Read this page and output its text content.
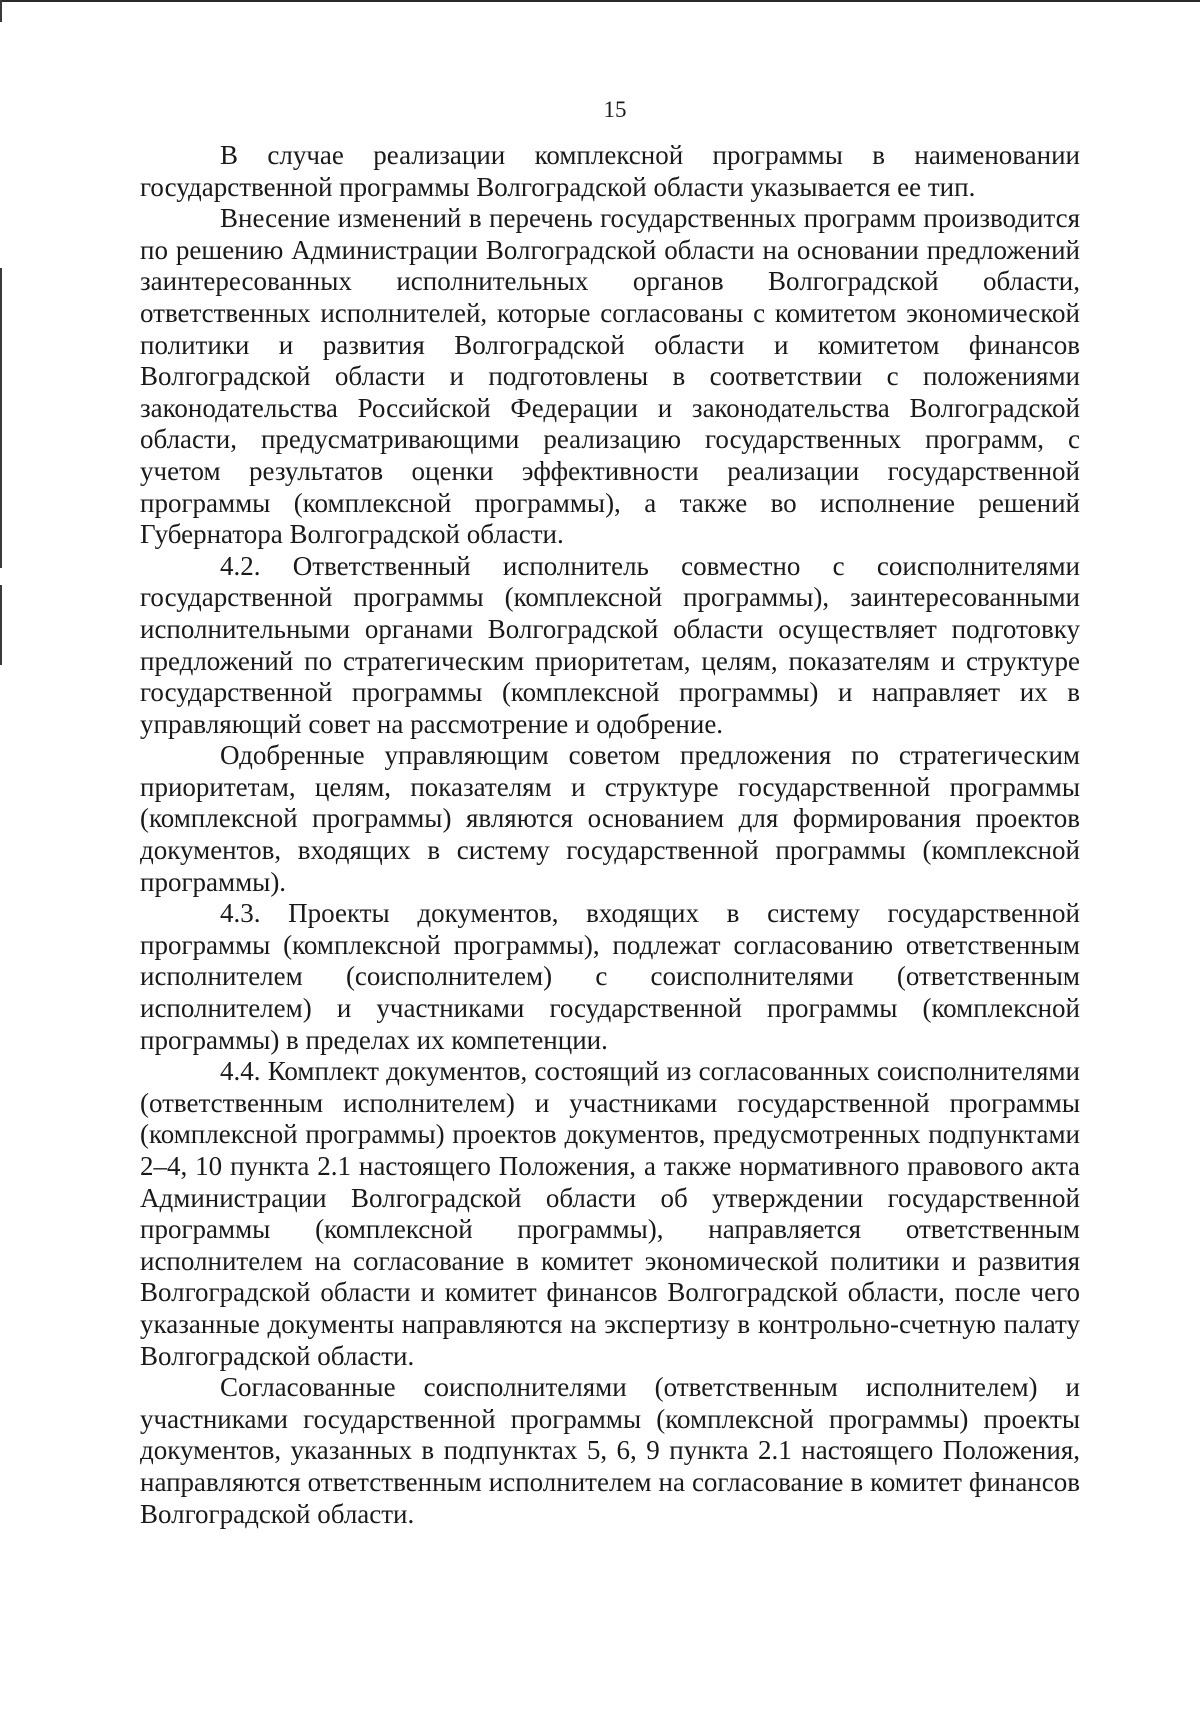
15

В случае реализации комплексной программы в наименовании государственной программы Волгоградской области указывается ее тип.

Внесение изменений в перечень государственных программ производится по решению Администрации Волгоградской области на основании предложений заинтересованных исполнительных органов Волгоградской области, ответственных исполнителей, которые согласованы с комитетом экономической политики и развития Волгоградской области и комитетом финансов Волгоградской области и подготовлены в соответствии с положениями законодательства Российской Федерации и законодательства Волгоградской области, предусматривающими реализацию государственных программ, с учетом результатов оценки эффективности реализации государственной программы (комплексной программы), а также во исполнение решений Губернатора Волгоградской области.

4.2. Ответственный исполнитель совместно с соисполнителями государственной программы (комплексной программы), заинтересованными исполнительными органами Волгоградской области осуществляет подготовку предложений по стратегическим приоритетам, целям, показателям и структуре государственной программы (комплексной программы) и направляет их в управляющий совет на рассмотрение и одобрение.

Одобренные управляющим советом предложения по стратегическим приоритетам, целям, показателям и структуре государственной программы (комплексной программы) являются основанием для формирования проектов документов, входящих в систему государственной программы (комплексной программы).

4.3. Проекты документов, входящих в систему государственной программы (комплексной программы), подлежат согласованию ответственным исполнителем (соисполнителем) с соисполнителями (ответственным исполнителем) и участниками государственной программы (комплексной программы) в пределах их компетенции.

4.4. Комплект документов, состоящий из согласованных соисполнителями (ответственным исполнителем) и участниками государственной программы (комплексной программы) проектов документов, предусмотренных подпунктами 2–4, 10 пункта 2.1 настоящего Положения, а также нормативного правового акта Администрации Волгоградской области об утверждении государственной программы (комплексной программы), направляется ответственным исполнителем на согласование в комитет экономической политики и развития Волгоградской области и комитет финансов Волгоградской области, после чего указанные документы направляются на экспертизу в контрольно-счетную палату Волгоградской области.

Согласованные соисполнителями (ответственным исполнителем) и участниками государственной программы (комплексной программы) проекты документов, указанных в подпунктах 5, 6, 9 пункта 2.1 настоящего Положения, направляются ответственным исполнителем на согласование в комитет финансов Волгоградской области.
